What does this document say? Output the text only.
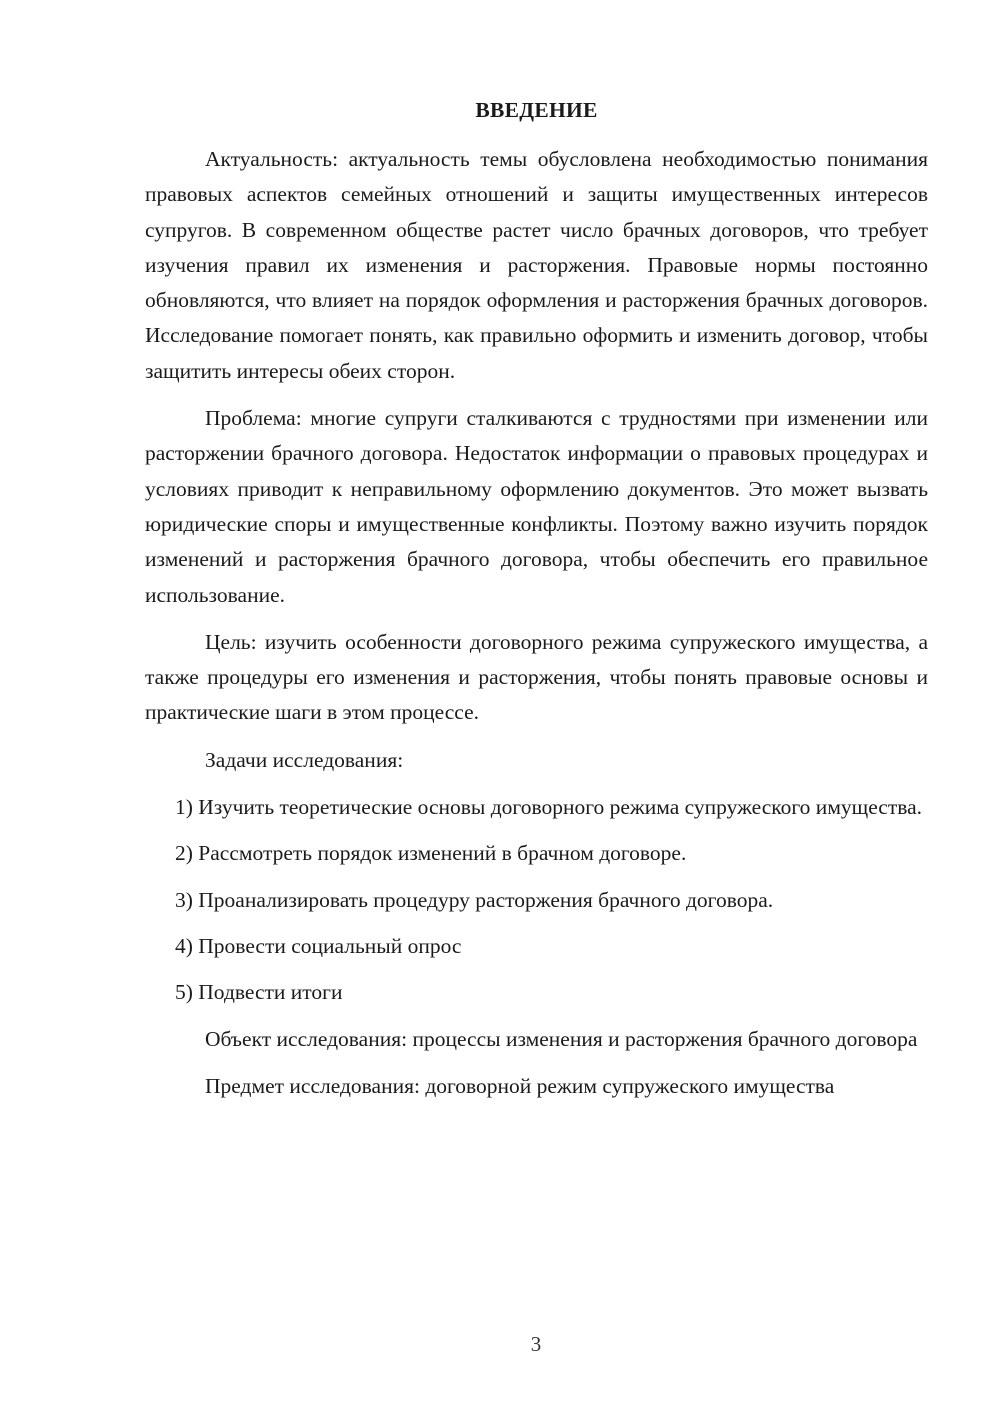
ВВЕДЕНИЕ

Актуальность: актуальность темы обусловлена необходимостью понимания правовых аспектов семейных отношений и защиты имущественных интересов супругов. В современном обществе растет число брачных договоров, что требует изучения правил их изменения и расторжения. Правовые нормы постоянно обновляются, что влияет на порядок оформления и расторжения брачных договоров. Исследование помогает понять, как правильно оформить и изменить договор, чтобы защитить интересы обеих сторон.

Проблема: многие супруги сталкиваются с трудностями при изменении или расторжении брачного договора. Недостаток информации о правовых процедурах и условиях приводит к неправильному оформлению документов. Это может вызвать юридические споры и имущественные конфликты. Поэтому важно изучить порядок изменений и расторжения брачного договора, чтобы обеспечить его правильное использование.

Цель: изучить особенности договорного режима супружеского имущества, а также процедуры его изменения и расторжения, чтобы понять правовые основы и практические шаги в этом процессе.

Задачи исследования:

1) Изучить теоретические основы договорного режима супружеского имущества.

2) Рассмотреть порядок изменений в брачном договоре.

3) Проанализировать процедуру расторжения брачного договора.

4) Провести социальный опрос

5) Подвести итоги

Объект исследования: процессы изменения и расторжения брачного договора

Предмет исследования: договорной режим супружеского имущества

3
